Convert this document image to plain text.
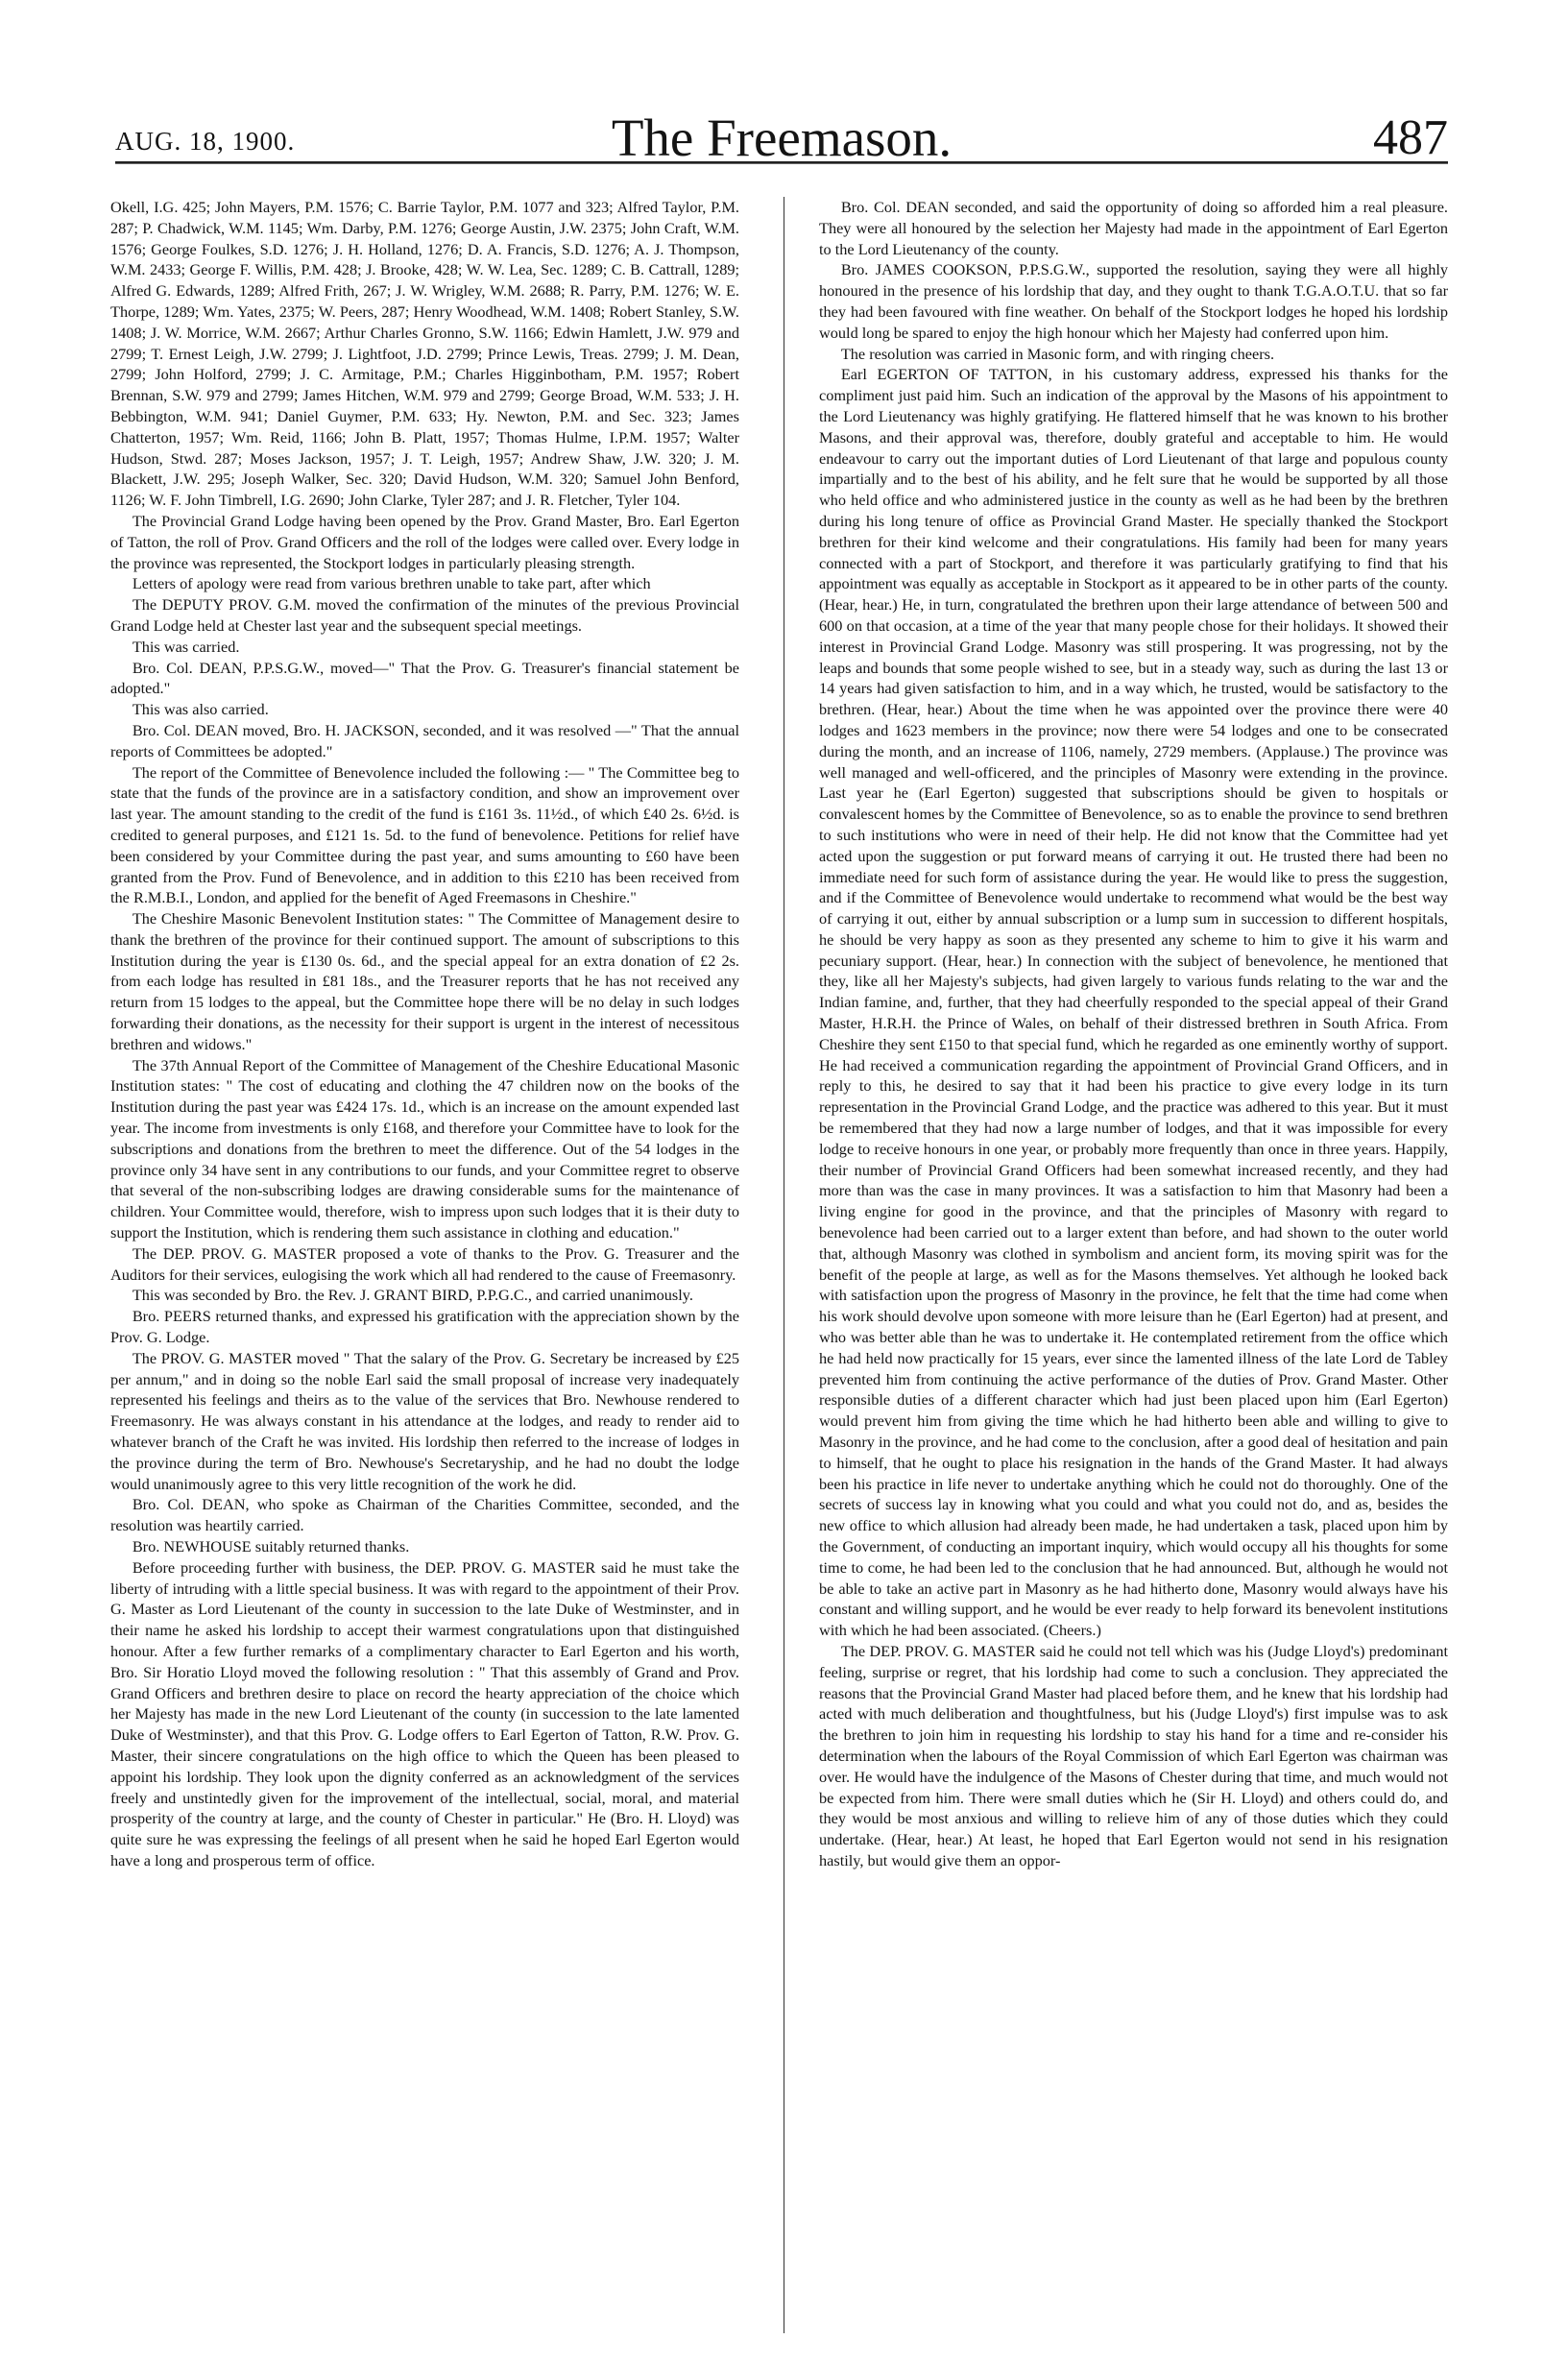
AUG. 18, 1900.	The Freemason.	487

Okell, I.G. 425; John Mayers, P.M. 1576; C. Barrie Taylor, P.M. 1077 and 323; Alfred Taylor, P.M. 287; P. Chadwick, W.M. 1145; Wm. Darby, P.M. 1276; George Austin, J.W. 2375; John Craft, W.M. 1576; George Foulkes, S.D. 1276; J. H. Holland, 1276; D. A. Francis, S.D. 1276; A. J. Thompson, W.M. 2433; George F. Willis, P.M. 428; J. Brooke, 428; W. W. Lea, Sec. 1289; C. B. Cattrall, 1289; Alfred G. Edwards, 1289; Alfred Frith, 267; J. W. Wrigley, W.M. 2688; R. Parry, P.M. 1276; W. E. Thorpe, 1289; Wm. Yates, 2375; W. Peers, 287; Henry Woodhead, W.M. 1408; Robert Stanley, S.W. 1408; J. W. Morrice, W.M. 2667; Arthur Charles Gronno, S.W. 1166; Edwin Hamlett, J.W. 979 and 2799; T. Ernest Leigh, J.W. 2799; J. Lightfoot, J.D. 2799; Prince Lewis, Treas. 2799; J. M. Dean, 2799; John Holford, 2799; J. C. Armitage, P.M.; Charles Higginbotham, P.M. 1957; Robert Brennan, S.W. 979 and 2799; James Hitchen, W.M. 979 and 2799; George Broad, W.M. 533; J. H. Bebbington, W.M. 941; Daniel Guymer, P.M. 633; Hy. Newton, P.M. and Sec. 323; James Chatterton, 1957; Wm. Reid, 1166; John B. Platt, 1957; Thomas Hulme, I.P.M. 1957; Walter Hudson, Stwd. 287; Moses Jackson, 1957; J. T. Leigh, 1957; Andrew Shaw, J.W. 320; J. M. Blackett, J.W. 295; Joseph Walker, Sec. 320; David Hudson, W.M. 320; Samuel John Benford, 1126; W. F. John Timbrell, I.G. 2690; John Clarke, Tyler 287; and J. R. Fletcher, Tyler 104.

The Provincial Grand Lodge having been opened by the Prov. Grand Master, Bro. Earl Egerton of Tatton, the roll of Prov. Grand Officers and the roll of the lodges were called over. Every lodge in the province was represented, the Stockport lodges in particularly pleasing strength.

Letters of apology were read from various brethren unable to take part, after which

The DEPUTY PROV. G.M. moved the confirmation of the minutes of the previous Provincial Grand Lodge held at Chester last year and the subsequent special meetings.

This was carried.

Bro. Col. DEAN, P.P.S.G.W., moved—" That the Prov. G. Treasurer's financial statement be adopted."

This was also carried.

Bro. Col. DEAN moved, Bro. H. JACKSON, seconded, and it was resolved —" That the annual reports of Committees be adopted."

The report of the Committee of Benevolence included the following :— " The Committee beg to state that the funds of the province are in a satisfactory condition, and show an improvement over last year. The amount standing to the credit of the fund is £161 3s. 11½d., of which £40 2s. 6½d. is credited to general purposes, and £121 1s. 5d. to the fund of benevolence. Petitions for relief have been considered by your Committee during the past year, and sums amounting to £60 have been granted from the Prov. Fund of Benevolence, and in addition to this £210 has been received from the R.M.B.I., London, and applied for the benefit of Aged Freemasons in Cheshire."

The Cheshire Masonic Benevolent Institution states: " The Committee of Management desire to thank the brethren of the province for their continued support. The amount of subscriptions to this Institution during the year is £130 0s. 6d., and the special appeal for an extra donation of £2 2s. from each lodge has resulted in £81 18s., and the Treasurer reports that he has not received any return from 15 lodges to the appeal, but the Committee hope there will be no delay in such lodges forwarding their donations, as the necessity for their support is urgent in the interest of necessitous brethren and widows."

The 37th Annual Report of the Committee of Management of the Cheshire Educational Masonic Institution states: " The cost of educating and clothing the 47 children now on the books of the Institution during the past year was £424 17s. 1d., which is an increase on the amount expended last year. The income from investments is only £168, and therefore your Committee have to look for the subscriptions and donations from the brethren to meet the difference. Out of the 54 lodges in the province only 34 have sent in any contributions to our funds, and your Committee regret to observe that several of the non-subscribing lodges are drawing considerable sums for the maintenance of children. Your Committee would, therefore, wish to impress upon such lodges that it is their duty to support the Institution, which is rendering them such assistance in clothing and education."

The DEP. PROV. G. MASTER proposed a vote of thanks to the Prov. G. Treasurer and the Auditors for their services, eulogising the work which all had rendered to the cause of Freemasonry.

This was seconded by Bro. the Rev. J. GRANT BIRD, P.P.G.C., and carried unanimously.

Bro. PEERS returned thanks, and expressed his gratification with the appreciation shown by the Prov. G. Lodge.

The PROV. G. MASTER moved " That the salary of the Prov. G. Secretary be increased by £25 per annum," and in doing so the noble Earl said the small proposal of increase very inadequately represented his feelings and theirs as to the value of the services that Bro. Newhouse rendered to Freemasonry. He was always constant in his attendance at the lodges, and ready to render aid to whatever branch of the Craft he was invited. His lordship then referred to the increase of lodges in the province during the term of Bro. Newhouse's Secretaryship, and he had no doubt the lodge would unanimously agree to this very little recognition of the work he did.

Bro. Col. DEAN, who spoke as Chairman of the Charities Committee, seconded, and the resolution was heartily carried.

Bro. NEWHOUSE suitably returned thanks.

Before proceeding further with business, the DEP. PROV. G. MASTER said he must take the liberty of intruding with a little special business. It was with regard to the appointment of their Prov. G. Master as Lord Lieutenant of the county in succession to the late Duke of Westminster, and in their name he asked his lordship to accept their warmest congratulations upon that distinguished honour. After a few further remarks of a complimentary character to Earl Egerton and his worth, Bro. Sir Horatio Lloyd moved the following resolution : " That this assembly of Grand and Prov. Grand Officers and brethren desire to place on record the hearty appreciation of the choice which her Majesty has made in the new Lord Lieutenant of the county (in succession to the late lamented Duke of Westminster), and that this Prov. G. Lodge offers to Earl Egerton of Tatton, R.W. Prov. G. Master, their sincere congratulations on the high office to which the Queen has been pleased to appoint his lordship. They look upon the dignity conferred as an acknowledgment of the services freely and unstintedly given for the improvement of the intellectual, social, moral, and material prosperity of the country at large, and the county of Chester in particular." He (Bro. H. Lloyd) was quite sure he was expressing the feelings of all present when he said he hoped Earl Egerton would have a long and prosperous term of office.

Bro. Col. DEAN seconded, and said the opportunity of doing so afforded him a real pleasure. They were all honoured by the selection her Majesty had made in the appointment of Earl Egerton to the Lord Lieutenancy of the county.

Bro. JAMES COOKSON, P.P.S.G.W., supported the resolution, saying they were all highly honoured in the presence of his lordship that day, and they ought to thank T.G.A.O.T.U. that so far they had been favoured with fine weather. On behalf of the Stockport lodges he hoped his lordship would long be spared to enjoy the high honour which her Majesty had conferred upon him.

The resolution was carried in Masonic form, and with ringing cheers.

Earl EGERTON OF TATTON, in his customary address, expressed his thanks for the compliment just paid him. Such an indication of the approval by the Masons of his appointment to the Lord Lieutenancy was highly gratifying. He flattered himself that he was known to his brother Masons, and their approval was, therefore, doubly grateful and acceptable to him. He would endeavour to carry out the important duties of Lord Lieutenant of that large and populous county impartially and to the best of his ability, and he felt sure that he would be supported by all those who held office and who administered justice in the county as well as he had been by the brethren during his long tenure of office as Provincial Grand Master. He specially thanked the Stockport brethren for their kind welcome and their congratulations. His family had been for many years connected with a part of Stockport, and therefore it was particularly gratifying to find that his appointment was equally as acceptable in Stockport as it appeared to be in other parts of the county. (Hear, hear.) He, in turn, congratulated the brethren upon their large attendance of between 500 and 600 on that occasion, at a time of the year that many people chose for their holidays. It showed their interest in Provincial Grand Lodge. Masonry was still prospering. It was progressing, not by the leaps and bounds that some people wished to see, but in a steady way, such as during the last 13 or 14 years had given satisfaction to him, and in a way which, he trusted, would be satisfactory to the brethren. (Hear, hear.) About the time when he was appointed over the province there were 40 lodges and 1623 members in the province; now there were 54 lodges and one to be consecrated during the month, and an increase of 1106, namely, 2729 members. (Applause.) The province was well managed and well-officered, and the principles of Masonry were extending in the province. Last year he (Earl Egerton) suggested that subscriptions should be given to hospitals or convalescent homes by the Committee of Benevolence, so as to enable the province to send brethren to such institutions who were in need of their help. He did not know that the Committee had yet acted upon the suggestion or put forward means of carrying it out. He trusted there had been no immediate need for such form of assistance during the year. He would like to press the suggestion, and if the Committee of Benevolence would undertake to recommend what would be the best way of carrying it out, either by annual subscription or a lump sum in succession to different hospitals, he should be very happy as soon as they presented any scheme to him to give it his warm and pecuniary support. (Hear, hear.) In connection with the subject of benevolence, he mentioned that they, like all her Majesty's subjects, had given largely to various funds relating to the war and the Indian famine, and, further, that they had cheerfully responded to the special appeal of their Grand Master, H.R.H. the Prince of Wales, on behalf of their distressed brethren in South Africa. From Cheshire they sent £150 to that special fund, which he regarded as one eminently worthy of support. He had received a communication regarding the appointment of Provincial Grand Officers, and in reply to this, he desired to say that it had been his practice to give every lodge in its turn representation in the Provincial Grand Lodge, and the practice was adhered to this year. But it must be remembered that they had now a large number of lodges, and that it was impossible for every lodge to receive honours in one year, or probably more frequently than once in three years. Happily, their number of Provincial Grand Officers had been somewhat increased recently, and they had more than was the case in many provinces. It was a satisfaction to him that Masonry had been a living engine for good in the province, and that the principles of Masonry with regard to benevolence had been carried out to a larger extent than before, and had shown to the outer world that, although Masonry was clothed in symbolism and ancient form, its moving spirit was for the benefit of the people at large, as well as for the Masons themselves. Yet although he looked back with satisfaction upon the progress of Masonry in the province, he felt that the time had come when his work should devolve upon someone with more leisure than he (Earl Egerton) had at present, and who was better able than he was to undertake it. He contemplated retirement from the office which he had held now practically for 15 years, ever since the lamented illness of the late Lord de Tabley prevented him from continuing the active performance of the duties of Prov. Grand Master. Other responsible duties of a different character which had just been placed upon him (Earl Egerton) would prevent him from giving the time which he had hitherto been able and willing to give to Masonry in the province, and he had come to the conclusion, after a good deal of hesitation and pain to himself, that he ought to place his resignation in the hands of the Grand Master. It had always been his practice in life never to undertake anything which he could not do thoroughly. One of the secrets of success lay in knowing what you could and what you could not do, and as, besides the new office to which allusion had already been made, he had undertaken a task, placed upon him by the Government, of conducting an important inquiry, which would occupy all his thoughts for some time to come, he had been led to the conclusion that he had announced. But, although he would not be able to take an active part in Masonry as he had hitherto done, Masonry would always have his constant and willing support, and he would be ever ready to help forward its benevolent institutions with which he had been associated. (Cheers.)

The DEP. PROV. G. MASTER said he could not tell which was his (Judge Lloyd's) predominant feeling, surprise or regret, that his lordship had come to such a conclusion. They appreciated the reasons that the Provincial Grand Master had placed before them, and he knew that his lordship had acted with much deliberation and thoughtfulness, but his (Judge Lloyd's) first impulse was to ask the brethren to join him in requesting his lordship to stay his hand for a time and re-consider his determination when the labours of the Royal Commission of which Earl Egerton was chairman was over. He would have the indulgence of the Masons of Chester during that time, and much would not be expected from him. There were small duties which he (Sir H. Lloyd) and others could do, and they would be most anxious and willing to relieve him of any of those duties which they could undertake. (Hear, hear.) At least, he hoped that Earl Egerton would not send in his resignation hastily, but would give them an oppor-
